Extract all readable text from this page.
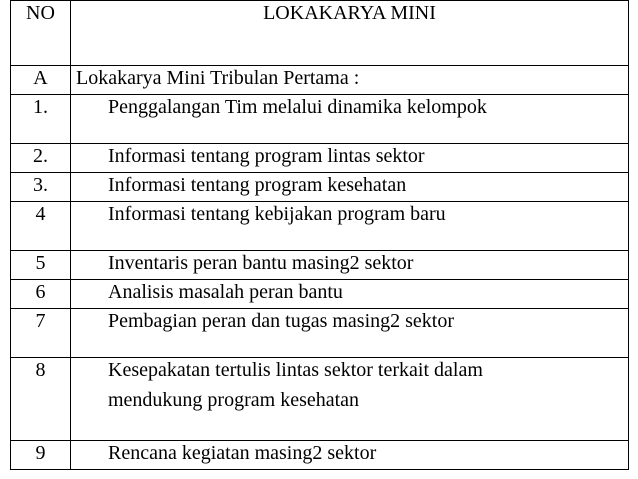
NO	LOKAKARYA MINI
A	Lokakarya Mini Tribulan Pertama :
1.	Penggalangan Tim melalui dinamika kelompok
2.	Informasi tentang program lintas sektor
3.	Informasi tentang program kesehatan
4	Informasi tentang kebijakan program baru
5	Inventaris peran bantu masing2 sektor
6	Analisis masalah peran bantu
7	Pembagian peran dan tugas masing2 sektor
8	Kesepakatan tertulis lintas sektor terkait dalam
mendukung program kesehatan

9	Rencana kegiatan masing2 sektor
